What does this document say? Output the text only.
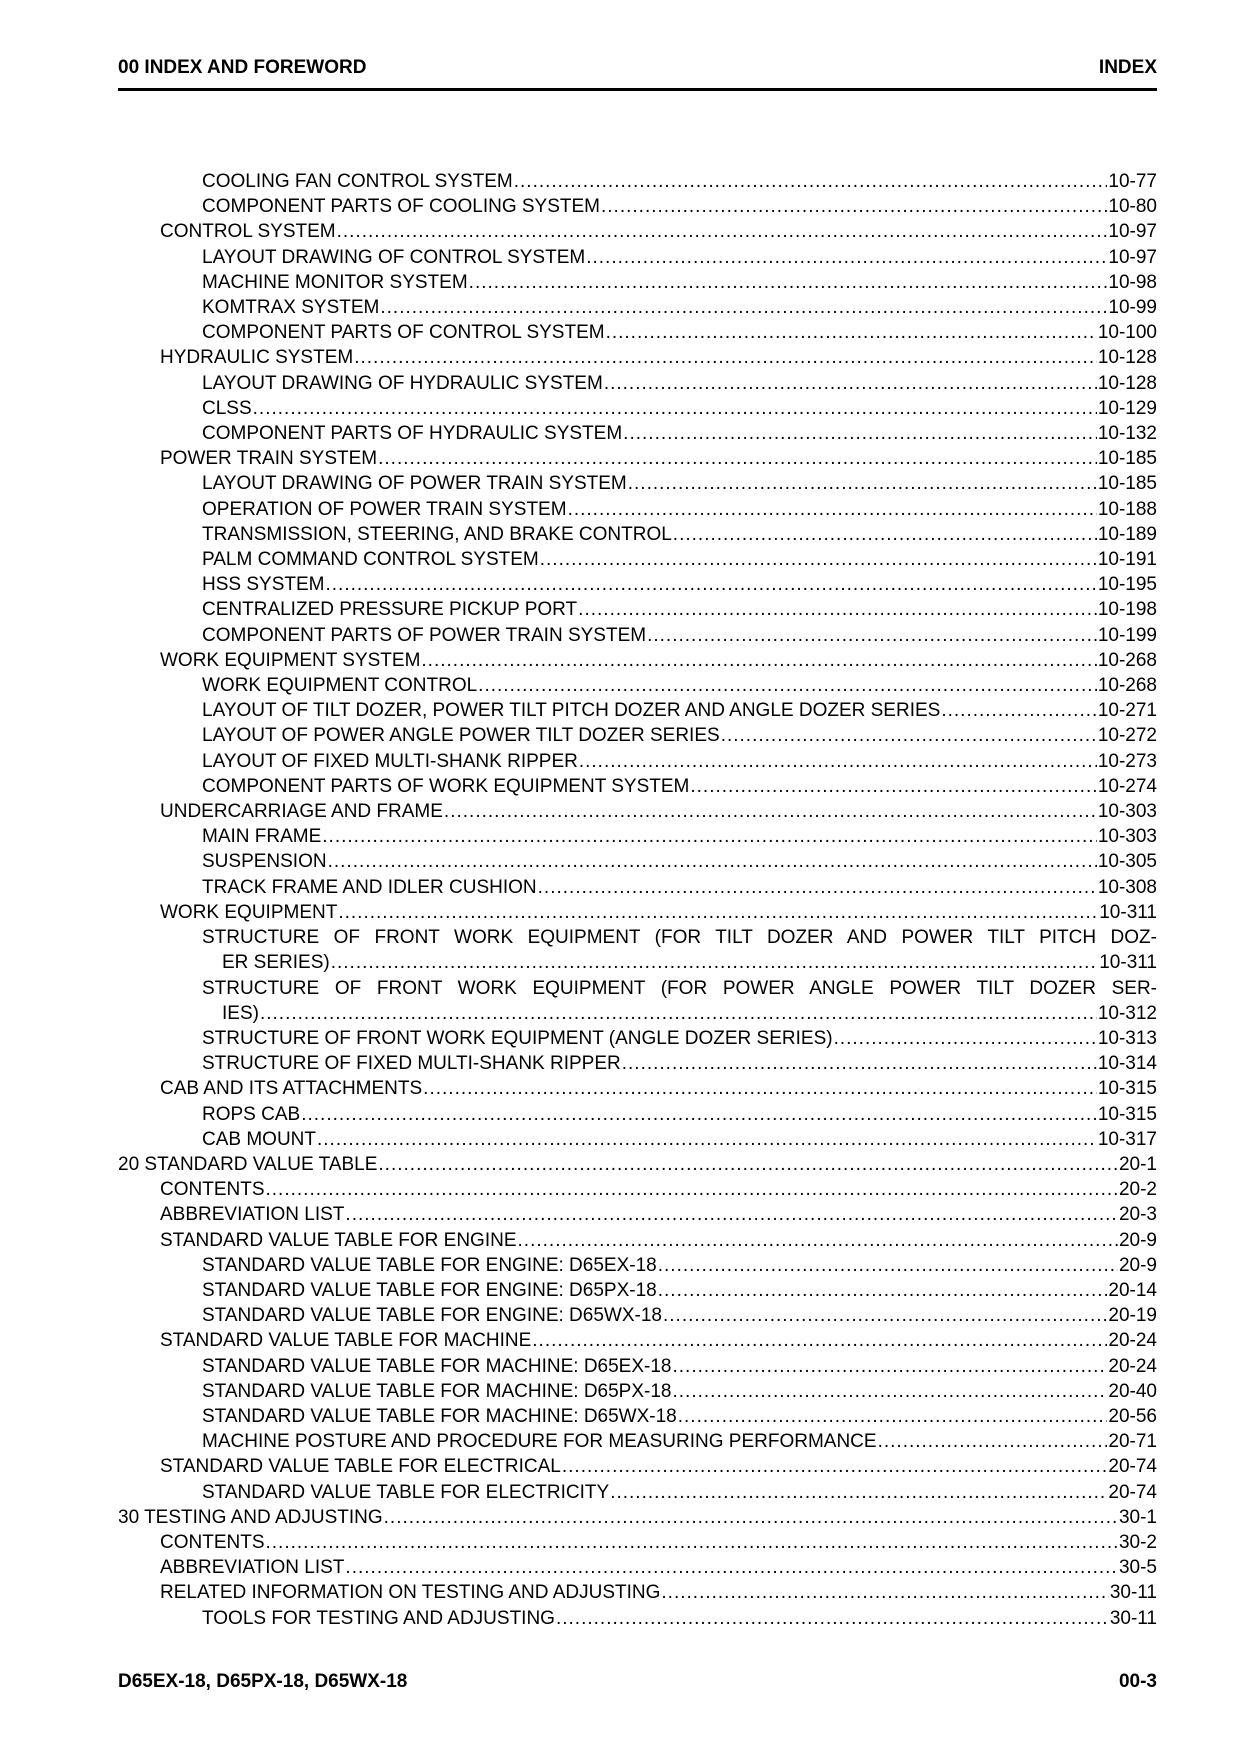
00 INDEX AND FOREWORD	INDEX
COOLING FAN CONTROL SYSTEM .....	10-77
COMPONENT PARTS OF COOLING SYSTEM .....	10-80
CONTROL SYSTEM .....	10-97
LAYOUT DRAWING OF CONTROL SYSTEM .....	10-97
MACHINE MONITOR SYSTEM .....	10-98
KOMTRAX SYSTEM .....	10-99
COMPONENT PARTS OF CONTROL SYSTEM .....	10-100
HYDRAULIC SYSTEM .....	10-128
LAYOUT DRAWING OF HYDRAULIC SYSTEM .....	10-128
CLSS .....	10-129
COMPONENT PARTS OF HYDRAULIC SYSTEM .....	10-132
POWER TRAIN SYSTEM .....	10-185
LAYOUT DRAWING OF POWER TRAIN SYSTEM .....	10-185
OPERATION OF POWER TRAIN SYSTEM .....	10-188
TRANSMISSION, STEERING, AND BRAKE CONTROL .....	10-189
PALM COMMAND CONTROL SYSTEM .....	10-191
HSS SYSTEM .....	10-195
CENTRALIZED PRESSURE PICKUP PORT .....	10-198
COMPONENT PARTS OF POWER TRAIN SYSTEM .....	10-199
WORK EQUIPMENT SYSTEM .....	10-268
WORK EQUIPMENT CONTROL .....	10-268
LAYOUT OF TILT DOZER, POWER TILT PITCH DOZER AND ANGLE DOZER SERIES .....	10-271
LAYOUT OF POWER ANGLE POWER TILT DOZER SERIES .....	10-272
LAYOUT OF FIXED MULTI-SHANK RIPPER .....	10-273
COMPONENT PARTS OF WORK EQUIPMENT SYSTEM .....	10-274
UNDERCARRIAGE AND FRAME .....	10-303
MAIN FRAME .....	10-303
SUSPENSION .....	10-305
TRACK FRAME AND IDLER CUSHION .....	10-308
WORK EQUIPMENT .....	10-311
STRUCTURE OF FRONT WORK EQUIPMENT (FOR TILT DOZER AND POWER TILT PITCH DOZ-
ER SERIES) .....	10-311
STRUCTURE OF FRONT WORK EQUIPMENT (FOR POWER ANGLE POWER TILT DOZER SER-
IES) .....	10-312
STRUCTURE OF FRONT WORK EQUIPMENT (ANGLE DOZER SERIES) .....	10-313
STRUCTURE OF FIXED MULTI-SHANK RIPPER .....	10-314
CAB AND ITS ATTACHMENTS .....	10-315
ROPS CAB .....	10-315
CAB MOUNT .....	10-317
20 STANDARD VALUE TABLE .....	20-1
CONTENTS .....	20-2
ABBREVIATION LIST .....	20-3
STANDARD VALUE TABLE FOR ENGINE .....	20-9
STANDARD VALUE TABLE FOR ENGINE: D65EX-18 .....	20-9
STANDARD VALUE TABLE FOR ENGINE: D65PX-18 .....	20-14
STANDARD VALUE TABLE FOR ENGINE: D65WX-18 .....	20-19
STANDARD VALUE TABLE FOR MACHINE .....	20-24
STANDARD VALUE TABLE FOR MACHINE: D65EX-18 .....	20-24
STANDARD VALUE TABLE FOR MACHINE: D65PX-18 .....	20-40
STANDARD VALUE TABLE FOR MACHINE: D65WX-18 .....	20-56
MACHINE POSTURE AND PROCEDURE FOR MEASURING PERFORMANCE .....	20-71
STANDARD VALUE TABLE FOR ELECTRICAL .....	20-74
STANDARD VALUE TABLE FOR ELECTRICITY .....	20-74
30 TESTING AND ADJUSTING .....	30-1
CONTENTS .....	30-2
ABBREVIATION LIST .....	30-5
RELATED INFORMATION ON TESTING AND ADJUSTING .....	30-11
TOOLS FOR TESTING AND ADJUSTING .....	30-11
D65EX-18, D65PX-18, D65WX-18	00-3
